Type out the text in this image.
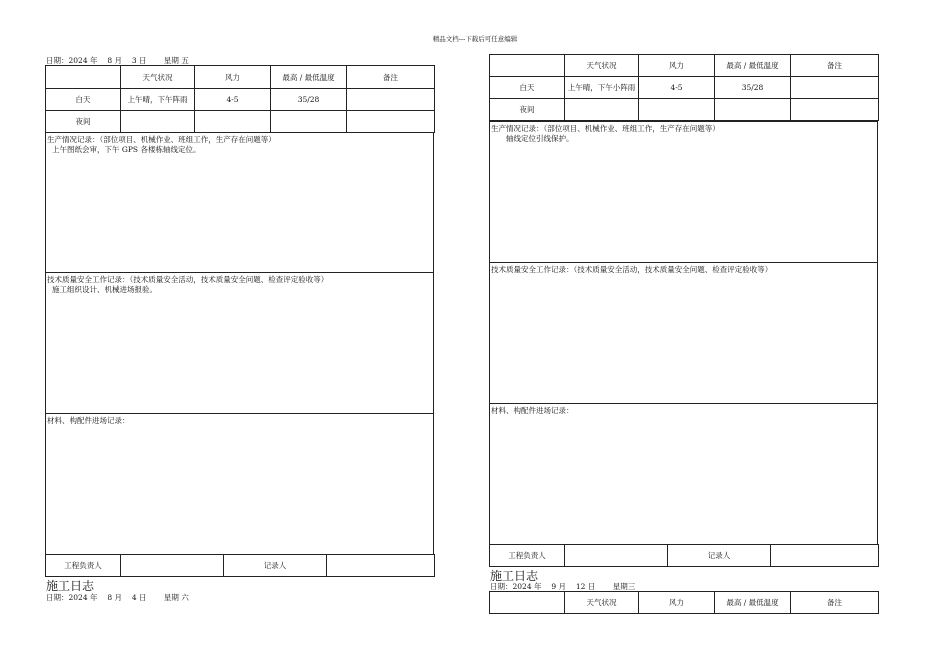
精品文档---下载后可任意编辑
日期：2024 年 　8 月 　3 日 　　星期 五
	天气状况	风力	最高 / 最低温度	备注
白天	上午晴，下午阵雨	4-5	35/28	
夜间				
生产情况记录：（部位项目、机械作业、班组工作，生产存在问题等）
上午图纸会审，下午 GPS 各楼栋轴线定位。
技术质量安全工作记录：（技术质量安全活动，技术质量安全问题、检查评定验收等）
施工组织设计、机械进场报验。
材料、构配件进场记录：
工程负责人		记录人	
施工日志
日期：2024 年 　8 月 　4 日 　　星期 六
	天气状况	风力	最高 / 最低温度	备注
白天	上午晴，下午小阵雨	4-5	35/28	
夜间				
生产情况记录：（部位项目、机械作业、班组工作，生产存在问题等）
轴线定位引线保护。
技术质量安全工作记录：（技术质量安全活动，技术质量安全问题、检查评定验收等）
材料、构配件进场记录：
工程负责人		记录人	
施工日志
日期：2024 年 　9 月 　12 日 　　星期三
	天气状况	风力	最高 / 最低温度	备注
